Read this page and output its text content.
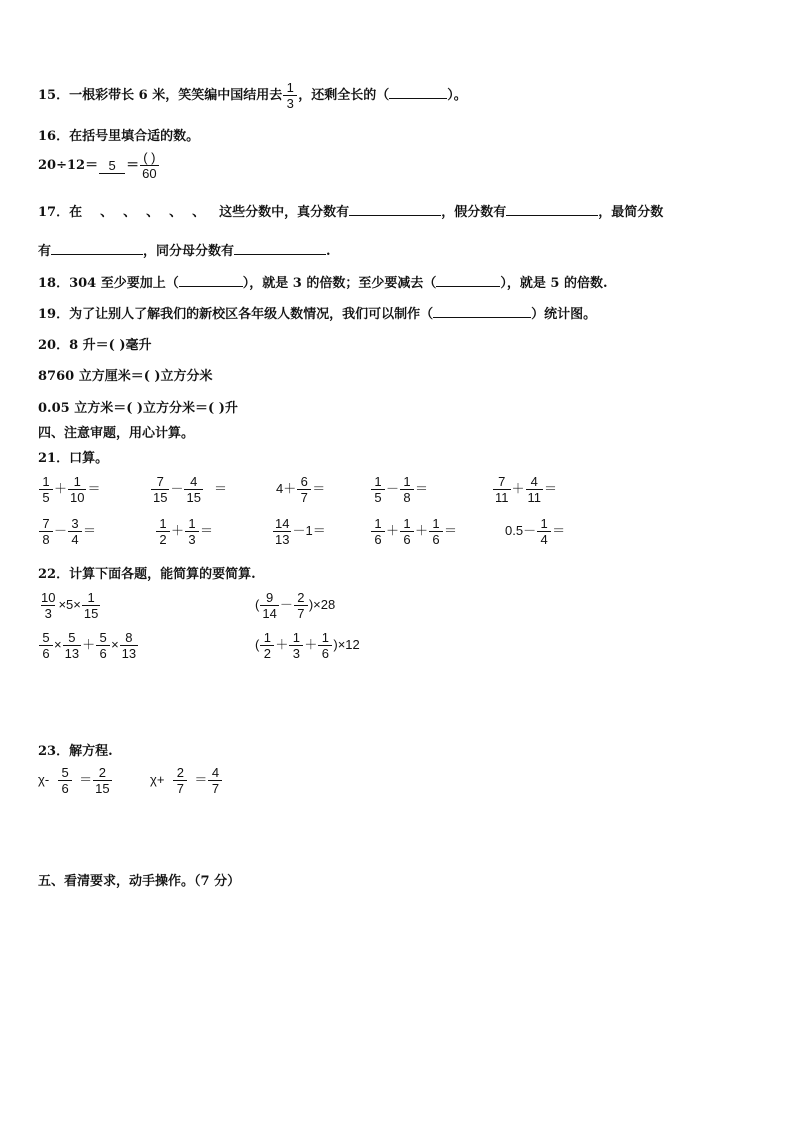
15．一根彩带长 6 米，笑笑编中国结用去 $\frac{1}{3}$ ，还剩全长的（	）。
16．在括号里填合适的数。
20÷12＝ 5 ＝
( )
60
17．在 、 、 、 、 、 这些分数中，真分数有	，假分数有	，最简分数
有	，同分母分数有	.
18．304 至少要加上（	），就是 3 的倍数；至少要减去（	），就是 5 的倍数.
19．为了让别人了解我们的新校区各年级人数情况，我们可以制作（	）统计图。
20．8 升＝( )毫升
8760 立方厘米＝( )立方分米
0.05 立方米＝( )立方分米＝( )升
四、注意审题，用心计算。
21．口算。
$\frac{1}{5} + \frac{1}{10}$ ＝	$\frac{7}{15} - \frac{4}{15}$ ＝	$4+ \frac{6}{7}$ ＝	$\frac{1}{5} - \frac{1}{8}$ ＝	$\frac{7}{11} + \frac{4}{11}$ ＝
$\frac{7}{8} - \frac{3}{4}$ ＝	$\frac{1}{2} + \frac{1}{3}$ ＝	$\frac{14}{13} -1=$	$\frac{1}{6} + \frac{1}{6} + \frac{1}{6}$ ＝	$0.5- \frac{1}{4}$ ＝
22．计算下面各题，能简算的要简算.
$\frac{10}{3} \times 5\times \frac{1}{15}$	( $\frac{9}{14} - \frac{2}{7} )\times 28$
$\frac{5}{6} \times \frac{5}{13} + \frac{5}{6} \times \frac{8}{13}$	( $\frac{1}{2} + \frac{1}{3} + \frac{1}{6} )\times 12$
23．解方程.
$\chi- \frac{5}{6} = \frac{2}{15}$	$\chi+ \frac{2}{7} = \frac{4}{7}$
五、看清要求，动手操作。（7 分）
